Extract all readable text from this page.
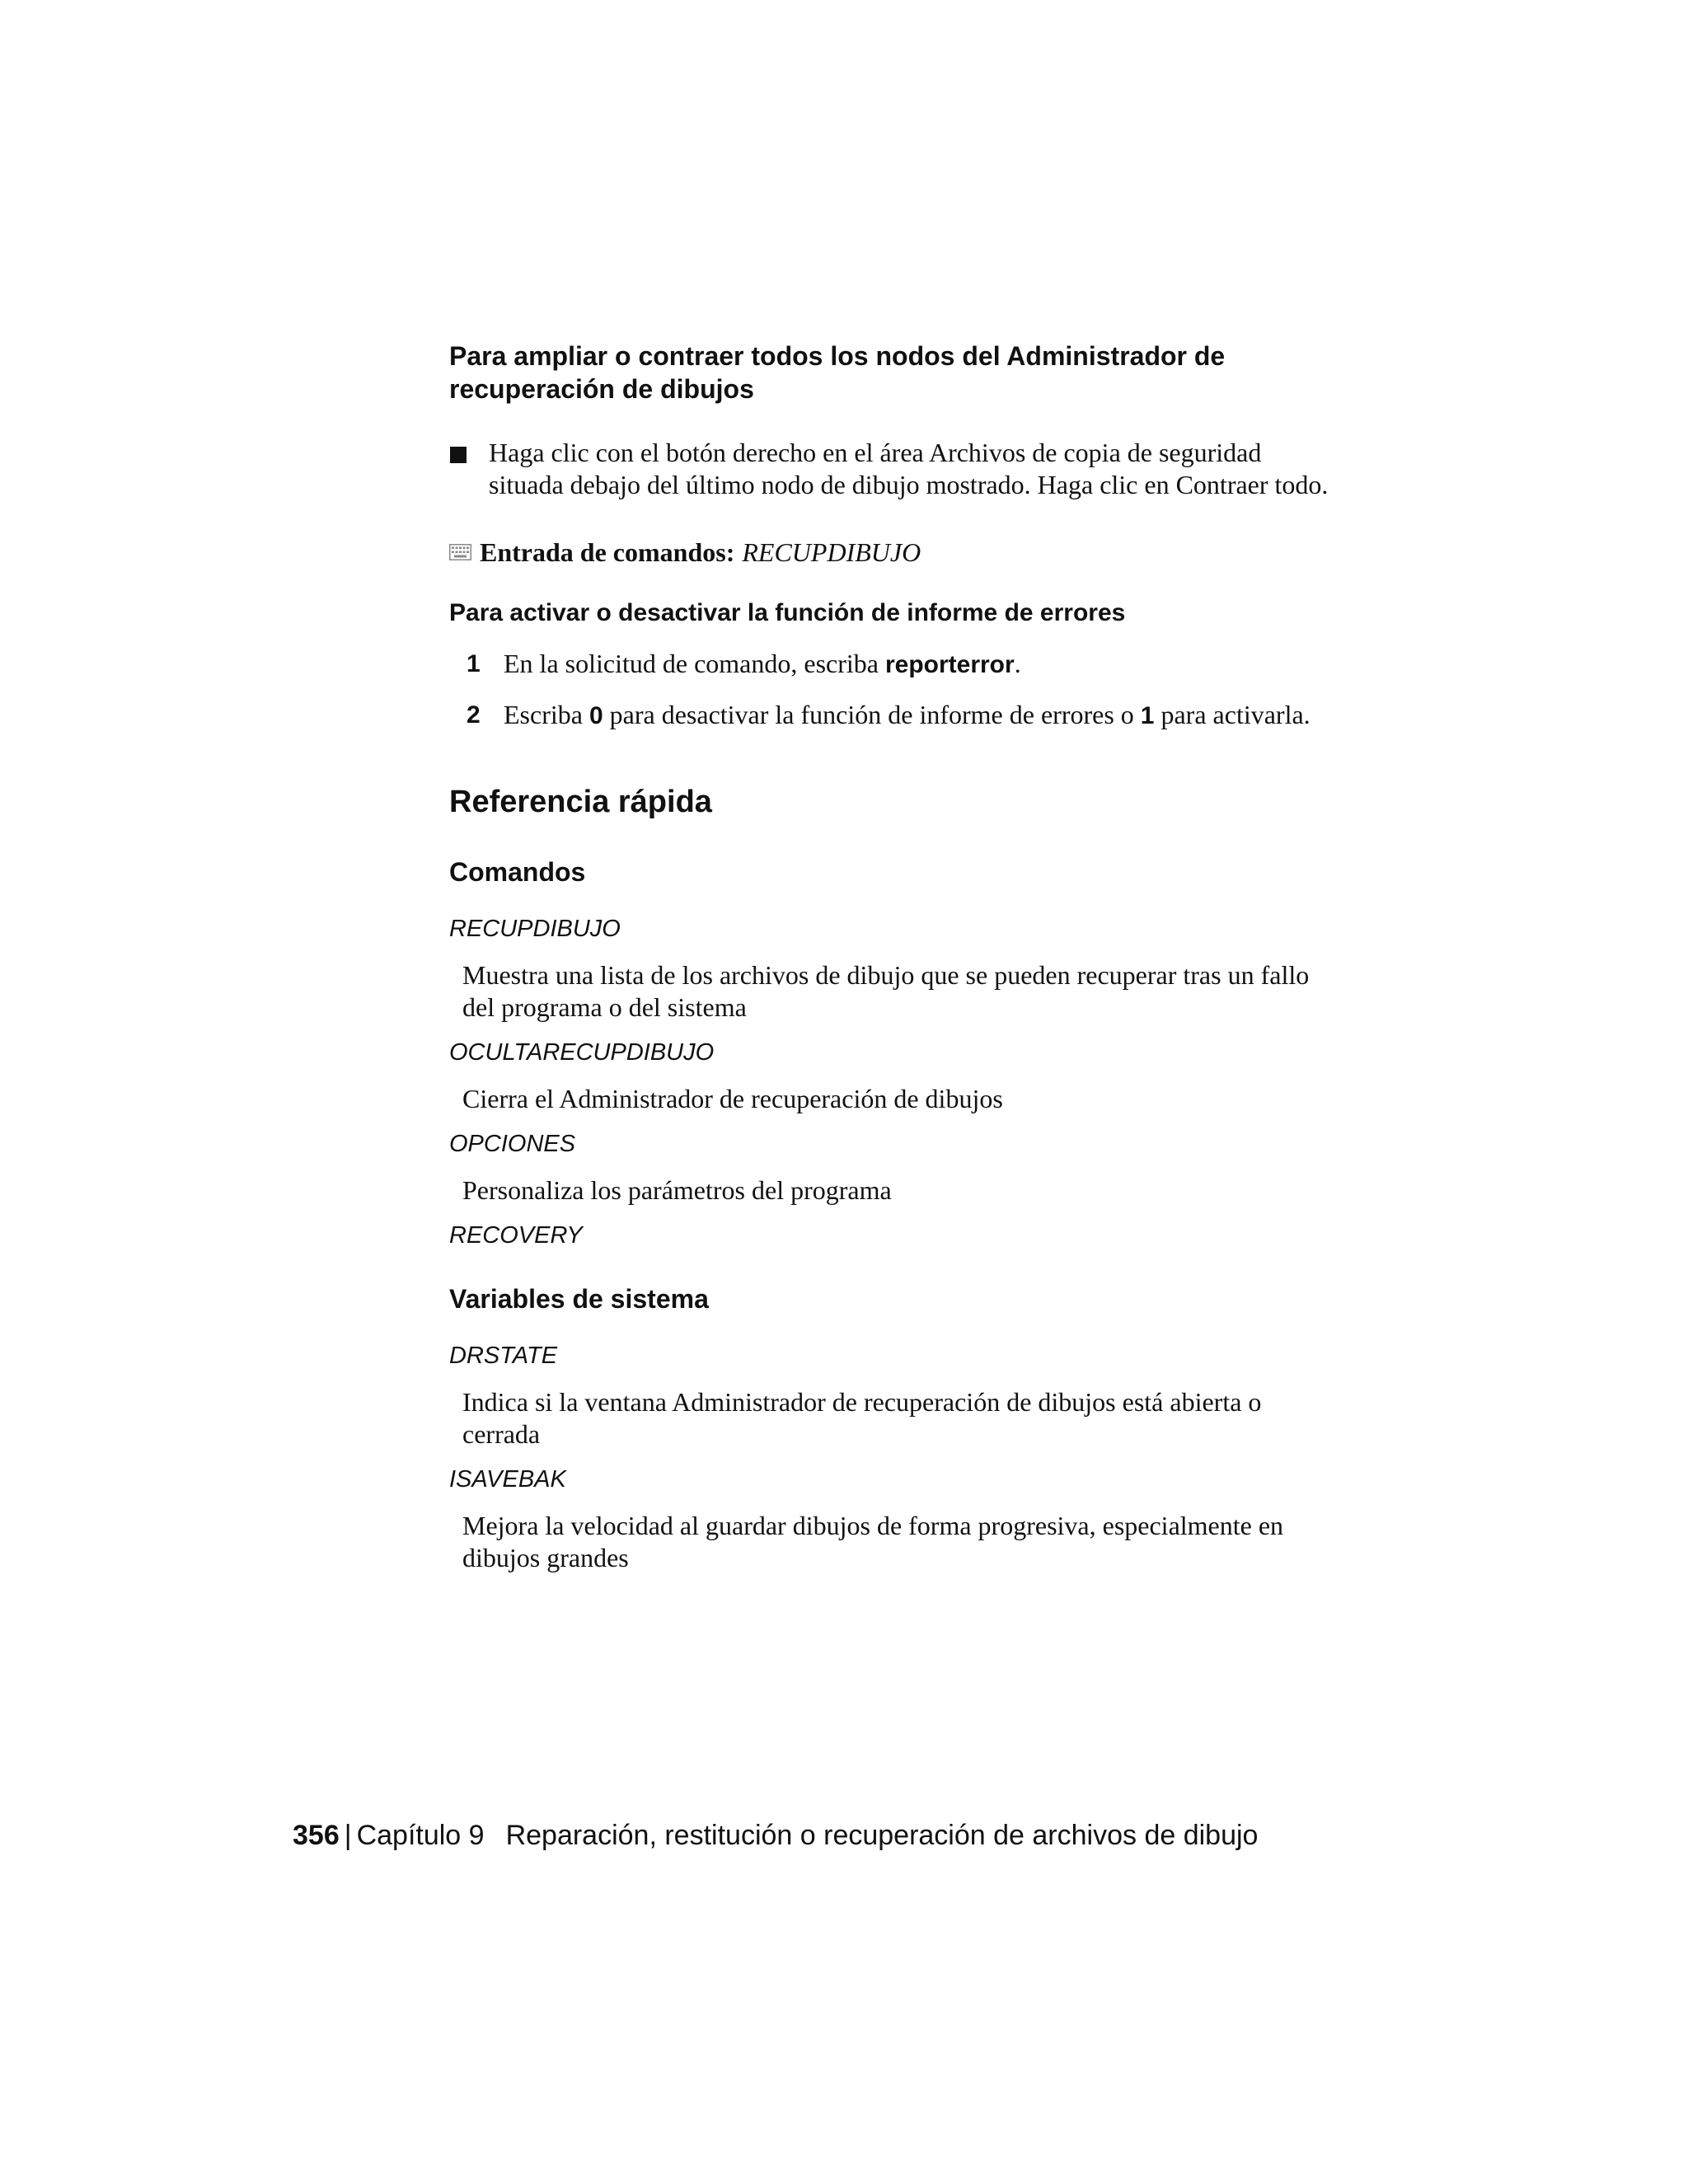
Para ampliar o contraer todos los nodos del Administrador de recuperación de dibujos
Haga clic con el botón derecho en el área Archivos de copia de seguridad situada debajo del último nodo de dibujo mostrado. Haga clic en Contraer todo.
Entrada de comandos: RECUPDIBUJO
Para activar o desactivar la función de informe de errores
1 En la solicitud de comando, escriba reporterror.
2 Escriba 0 para desactivar la función de informe de errores o 1 para activarla.
Referencia rápida
Comandos
RECUPDIBUJO
Muestra una lista de los archivos de dibujo que se pueden recuperar tras un fallo del programa o del sistema
OCULTARECUPDIBUJO
Cierra el Administrador de recuperación de dibujos
OPCIONES
Personaliza los parámetros del programa
RECOVERY
Variables de sistema
DRSTATE
Indica si la ventana Administrador de recuperación de dibujos está abierta o cerrada
ISAVEBAK
Mejora la velocidad al guardar dibujos de forma progresiva, especialmente en dibujos grandes
356 | Capítulo 9 Reparación, restitución o recuperación de archivos de dibujo
